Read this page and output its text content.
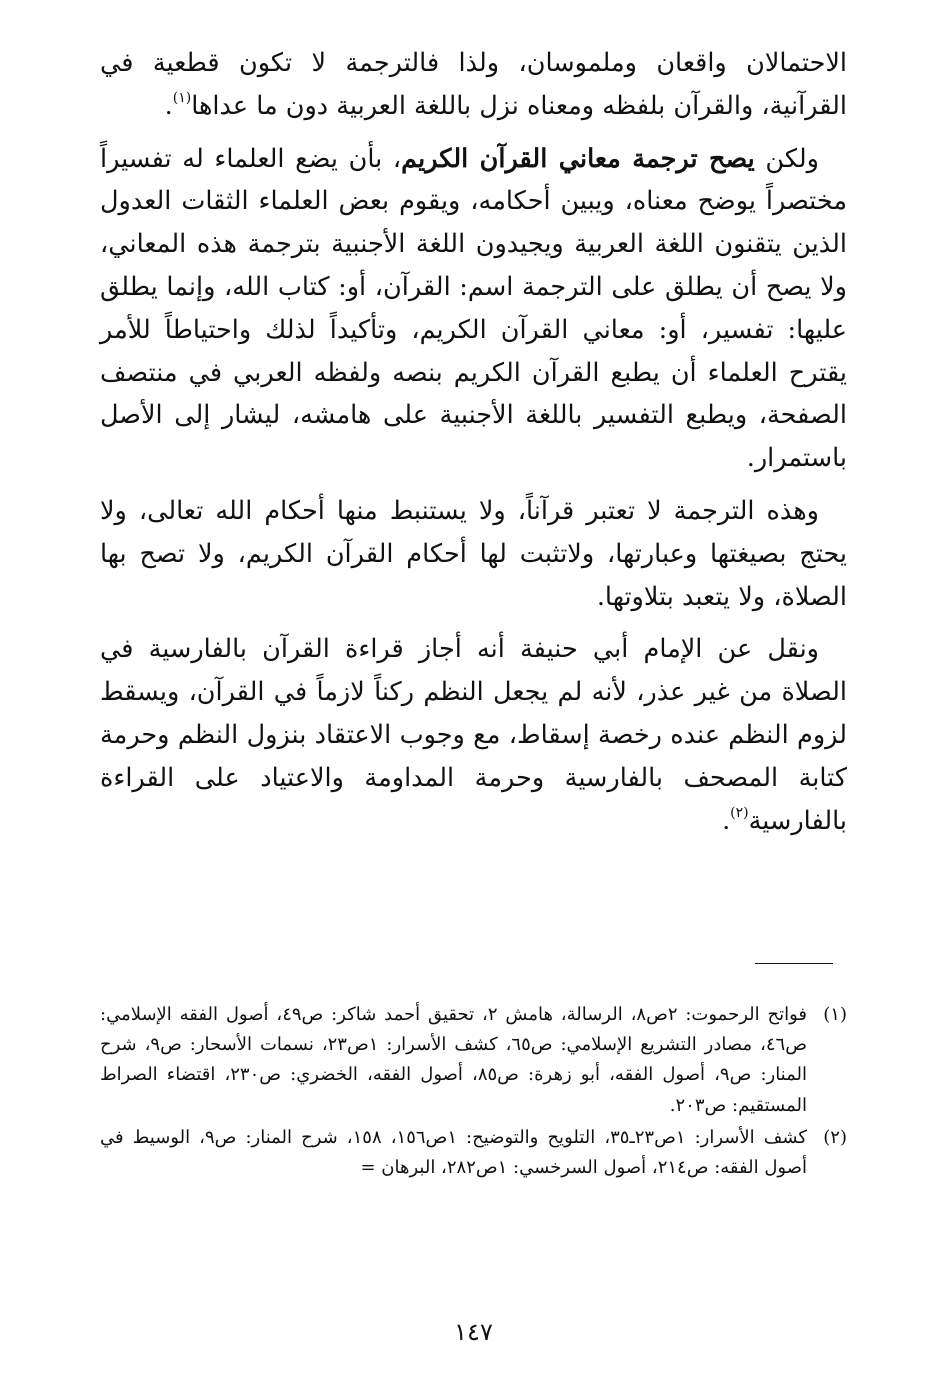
الاحتمالان واقعان وملموسان، ولذا فالترجمة لا تكون قطعية في القرآنية، والقرآن بلفظه ومعناه نزل باللغة العربية دون ما عداها$^{(١)}$.

ولكن يصح ترجمة معاني القرآن الكريم، بأن يضع العلماء له تفسيراً مختصراً يوضح معناه، ويبين أحكامه، ويقوم بعض العلماء الثقات العدول الذين يتقنون اللغة العربية ويجيدون اللغة الأجنبية بترجمة هذه المعاني، ولا يصح أن يطلق على الترجمة اسم: القرآن، أو: كتاب الله، وإنما يطلق عليها: تفسير، أو: معاني القرآن الكريم، وتأكيداً لذلك واحتياطاً للأمر يقترح العلماء أن يطبع القرآن الكريم بنصه ولفظه العربي في منتصف الصفحة، ويطبع التفسير باللغة الأجنبية على هامشه، ليشار إلى الأصل باستمرار.

وهذه الترجمة لا تعتبر قرآناً، ولا يستنبط منها أحكام الله تعالى، ولا يحتج بصيغتها وعبارتها، ولاتثبت لها أحكام القرآن الكريم، ولا تصح بها الصلاة، ولا يتعبد بتلاوتها.

ونقل عن الإمام أبي حنيفة أنه أجاز قراءة القرآن بالفارسية في الصلاة من غير عذر، لأنه لم يجعل النظم ركناً لازماً في القرآن، ويسقط لزوم النظم عنده رخصة إسقاط، مع وجوب الاعتقاد بنزول النظم وحرمة كتابة المصحف بالفارسية وحرمة المداومة والاعتياد على القراءة بالفارسية$^{(٢)}$.

(١)
فواتح الرحموت: ٢ص٨، الرسالة، هامش ٢، تحقيق أحمد شاكر: ص٤٩، أصول الفقه الإسلامي: ص٤٦، مصادر التشريع الإسلامي: ص٦٥، كشف الأسرار: ١ص٢٣، نسمات الأسحار: ص٩، شرح المنار: ص٩، أصول الفقه، أبو زهرة: ص٨٥، أصول الفقه، الخضري: ص٢٣٠، اقتضاء الصراط المستقيم: ص٢٠٣.
(٢)
كشف الأسرار: ١ص٢٣ـ٣٥، التلويح والتوضيح: ١ص١٥٦، ١٥٨، شرح المنار: ص٩، الوسيط في أصول الفقه: ص٢١٤، أصول السرخسي: ١ص٢٨٢، البرهان =
١٤٧
